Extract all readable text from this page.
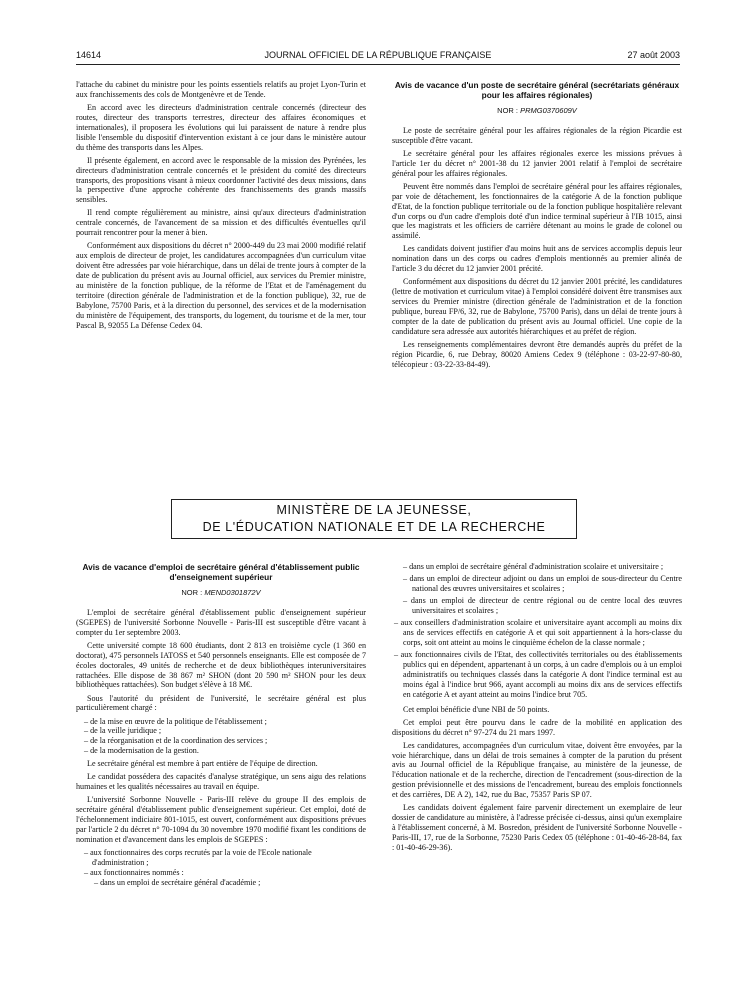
14614	JOURNAL OFFICIEL DE LA RÉPUBLIQUE FRANÇAISE	27 août 2003

l'attache du cabinet du ministre pour les points essentiels relatifs au projet Lyon-Turin et aux franchissements des cols de Montgenèvre et de Tende.

En accord avec les directeurs d'administration centrale concernés (directeur des routes, directeur des transports terrestres, directeur des affaires économiques et internationales), il proposera les évolutions qui lui paraissent de nature à rendre plus lisible l'ensemble du dispositif d'intervention existant à ce jour dans le ministère autour du thème des transports dans les Alpes.

Il présente également, en accord avec le responsable de la mission des Pyrénées, les directeurs d'administration centrale concernés et le président du comité des directeurs transports, des propositions visant à mieux coordonner l'activité des deux missions, dans la perspective d'une approche cohérente des franchissements des grands massifs sensibles.

Il rend compte régulièrement au ministre, ainsi qu'aux directeurs d'administration centrale concernés, de l'avancement de sa mission et des difficultés éventuelles qu'il pourrait rencontrer pour la mener à bien.

Conformément aux dispositions du décret n° 2000-449 du 23 mai 2000 modifié relatif aux emplois de directeur de projet, les candidatures accompagnées d'un curriculum vitae doivent être adressées par voie hiérarchique, dans un délai de trente jours à compter de la date de publication du présent avis au Journal officiel, aux services du Premier ministre, au ministère de la fonction publique, de la réforme de l'Etat et de l'aménagement du territoire (direction générale de l'administration et de la fonction publique), 32, rue de Babylone, 75700 Paris, et à la direction du personnel, des services et de la modernisation du ministère de l'équipement, des transports, du logement, du tourisme et de la mer, tour Pascal B, 92055 La Défense Cedex 04.

Avis de vacance d'un poste de secrétaire général (secrétariats généraux pour les affaires régionales)
NOR : PRMG0370609V

Le poste de secrétaire général pour les affaires régionales de la région Picardie est susceptible d'être vacant.

Le secrétaire général pour les affaires régionales exerce les missions prévues à l'article 1er du décret n° 2001-38 du 12 janvier 2001 relatif à l'emploi de secrétaire général pour les affaires régionales.

Peuvent être nommés dans l'emploi de secrétaire général pour les affaires régionales, par voie de détachement, les fonctionnaires de la catégorie A de la fonction publique d'Etat, de la fonction publique territoriale ou de la fonction publique hospitalière relevant d'un corps ou d'un cadre d'emplois doté d'un indice terminal supérieur à l'IB 1015, ainsi que les magistrats et les officiers de carrière détenant au moins le grade de colonel ou assimilé.

Les candidats doivent justifier d'au moins huit ans de services accomplis depuis leur nomination dans un des corps ou cadres d'emplois mentionnés au premier alinéa de l'article 3 du décret du 12 janvier 2001 précité.

Conformément aux dispositions du décret du 12 janvier 2001 précité, les candidatures (lettre de motivation et curriculum vitae) à l'emploi considéré doivent être transmises aux services du Premier ministre (direction générale de l'administration et de la fonction publique, bureau FP/6, 32, rue de Babylone, 75700 Paris), dans un délai de trente jours à compter de la date de publication du présent avis au Journal officiel. Une copie de la candidature sera adressée aux autorités hiérarchiques et au préfet de région.

Les renseignements complémentaires devront être demandés auprès du préfet de la région Picardie, 6, rue Debray, 80020 Amiens Cedex 9 (téléphone : 03-22-97-80-80, télécopieur : 03-22-33-84-49).

MINISTÈRE DE LA JEUNESSE,
DE L'ÉDUCATION NATIONALE ET DE LA RECHERCHE
Avis de vacance d'emploi de secrétaire général d'établissement public d'enseignement supérieur
NOR : MEND0301872V

L'emploi de secrétaire général d'établissement public d'enseignement supérieur (SGEPES) de l'université Sorbonne Nouvelle - Paris-III est susceptible d'être vacant à compter du 1er septembre 2003.

Cette université compte 18 600 étudiants, dont 2 813 en troisième cycle (1 360 en doctorat), 475 personnels IATOSS et 540 personnels enseignants. Elle est composée de 7 écoles doctorales, 49 unités de recherche et de deux bibliothèques interuniversitaires rattachées. Elle dispose de 38 867 m² SHON (dont 20 590 m² SHON pour les deux bibliothèques rattachées). Son budget s'élève à 18 M€.

Sous l'autorité du président de l'université, le secrétaire général est plus particulièrement chargé :

– de la mise en œuvre de la politique de l'établissement ;
– de la veille juridique ;
– de la réorganisation et de la coordination des services ;
– de la modernisation de la gestion.

Le secrétaire général est membre à part entière de l'équipe de direction.

Le candidat possédera des capacités d'analyse stratégique, un sens aigu des relations humaines et les qualités nécessaires au travail en équipe.

L'université Sorbonne Nouvelle - Paris-III relève du groupe II des emplois de secrétaire général d'établissement public d'enseignement supérieur. Cet emploi, doté de l'échelonnement indiciaire 801-1015, est ouvert, conformément aux dispositions prévues par l'article 2 du décret n° 70-1094 du 30 novembre 1970 modifié fixant les conditions de nomination et d'avancement dans les emplois de SGEPES :

– aux fonctionnaires des corps recrutés par la voie de l'Ecole nationale d'administration ;
– aux fonctionnaires nommés :
– dans un emploi de secrétaire général d'académie ;
– dans un emploi de secrétaire général d'administration scolaire et universitaire ;
– dans un emploi de directeur adjoint ou dans un emploi de sous-directeur du Centre national des œuvres universitaires et scolaires ;
– dans un emploi de directeur de centre régional ou de centre local des œuvres universitaires et scolaires ;
– aux conseillers d'administration scolaire et universitaire ayant accompli au moins dix ans de services effectifs en catégorie A et qui soit appartiennent à la hors-classe du corps, soit ont atteint au moins le cinquième échelon de la classe normale ;
– aux fonctionnaires civils de l'Etat, des collectivités territoriales ou des établissements publics qui en dépendent, appartenant à un corps, à un cadre d'emplois ou à un emploi administratifs ou techniques classés dans la catégorie A dont l'indice terminal est au moins égal à l'indice brut 966, ayant accompli au moins dix ans de services effectifs en catégorie A et ayant atteint au moins l'indice brut 705.

Cet emploi bénéficie d'une NBI de 50 points.

Cet emploi peut être pourvu dans le cadre de la mobilité en application des dispositions du décret n° 97-274 du 21 mars 1997.

Les candidatures, accompagnées d'un curriculum vitae, doivent être envoyées, par la voie hiérarchique, dans un délai de trois semaines à compter de la parution du présent avis au Journal officiel de la République française, au ministère de la jeunesse, de l'éducation nationale et de la recherche, direction de l'encadrement (sous-direction de la gestion prévisionnelle et des missions de l'encadrement, bureau des emplois fonctionnels et des carrières, DE A 2), 142, rue du Bac, 75357 Paris SP 07.

Les candidats doivent également faire parvenir directement un exemplaire de leur dossier de candidature au ministère, à l'adresse précisée ci-dessus, ainsi qu'un exemplaire à l'établissement concerné, à M. Bosredon, président de l'université Sorbonne Nouvelle - Paris-III, 17, rue de la Sorbonne, 75230 Paris Cedex 05 (téléphone : 01-40-46-28-84, fax : 01-40-46-29-36).
